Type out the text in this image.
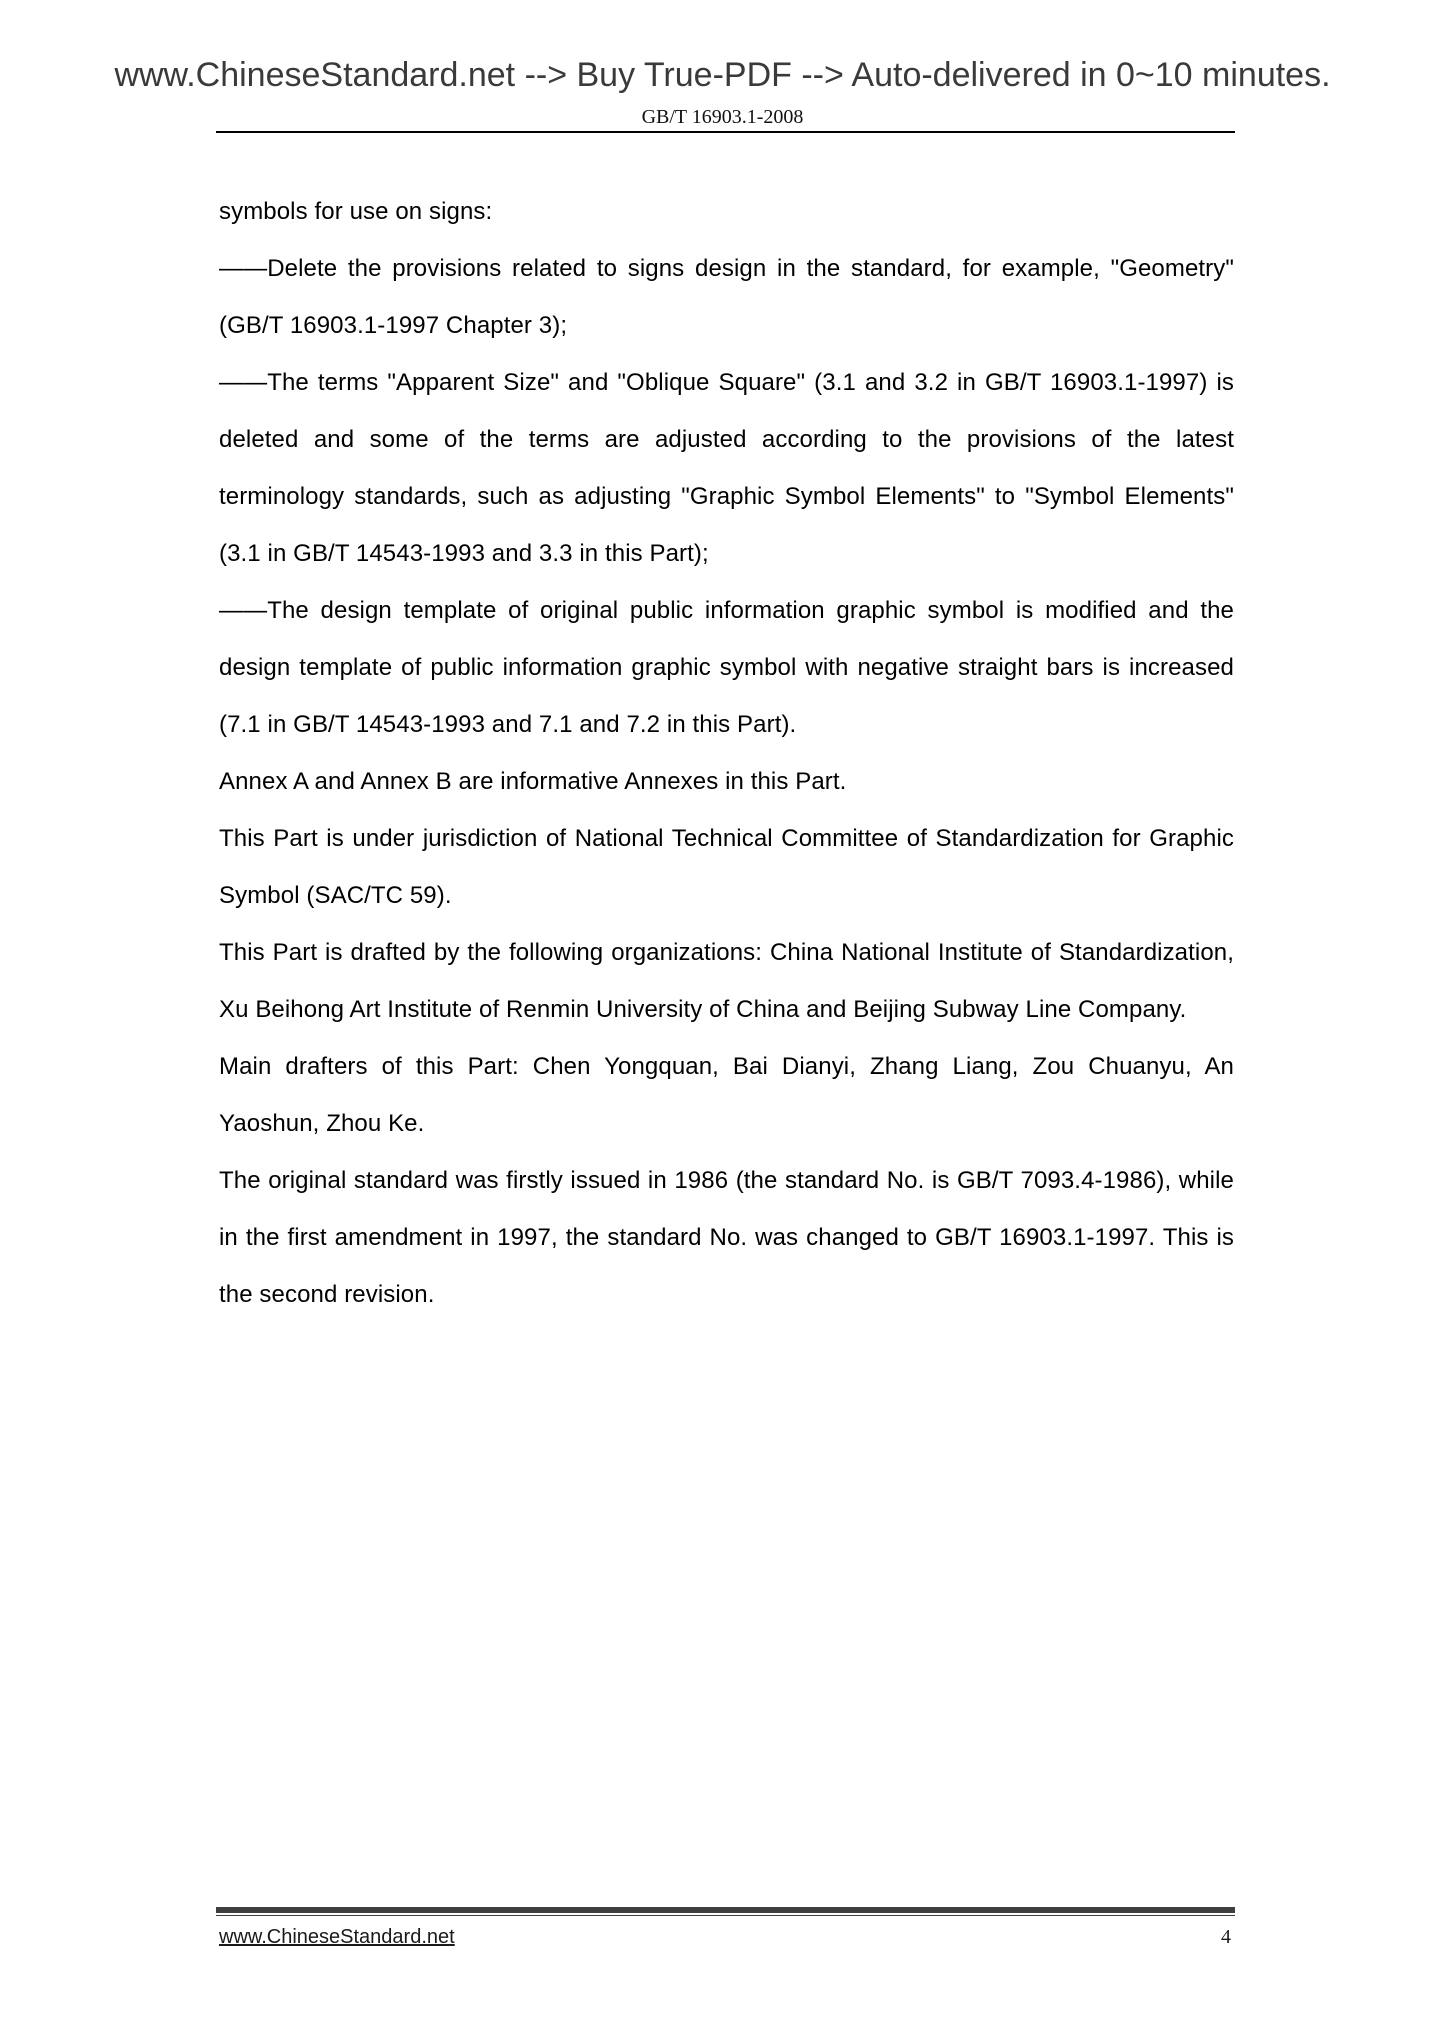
www.ChineseStandard.net --> Buy True-PDF --> Auto-delivered in 0~10 minutes.
GB/T 16903.1-2008

symbols for use on signs:

——Delete the provisions related to signs design in the standard, for example, "Geometry" (GB/T 16903.1-1997 Chapter 3);

——The terms "Apparent Size" and "Oblique Square" (3.1 and 3.2 in GB/T 16903.1-1997) is deleted and some of the terms are adjusted according to the provisions of the latest terminology standards, such as adjusting "Graphic Symbol Elements" to "Symbol Elements" (3.1 in GB/T 14543-1993 and 3.3 in this Part);

——The design template of original public information graphic symbol is modified and the design template of public information graphic symbol with negative straight bars is increased (7.1 in GB/T 14543-1993 and 7.1 and 7.2 in this Part).

Annex A and Annex B are informative Annexes in this Part.

This Part is under jurisdiction of National Technical Committee of Standardization for Graphic Symbol (SAC/TC 59).

This Part is drafted by the following organizations: China National Institute of Standardization, Xu Beihong Art Institute of Renmin University of China and Beijing Subway Line Company.

Main drafters of this Part: Chen Yongquan, Bai Dianyi, Zhang Liang, Zou Chuanyu, An Yaoshun, Zhou Ke.

The original standard was firstly issued in 1986 (the standard No. is GB/T 7093.4-1986), while in the first amendment in 1997, the standard No. was changed to GB/T 16903.1-1997. This is the second revision.

www.ChineseStandard.net	4
